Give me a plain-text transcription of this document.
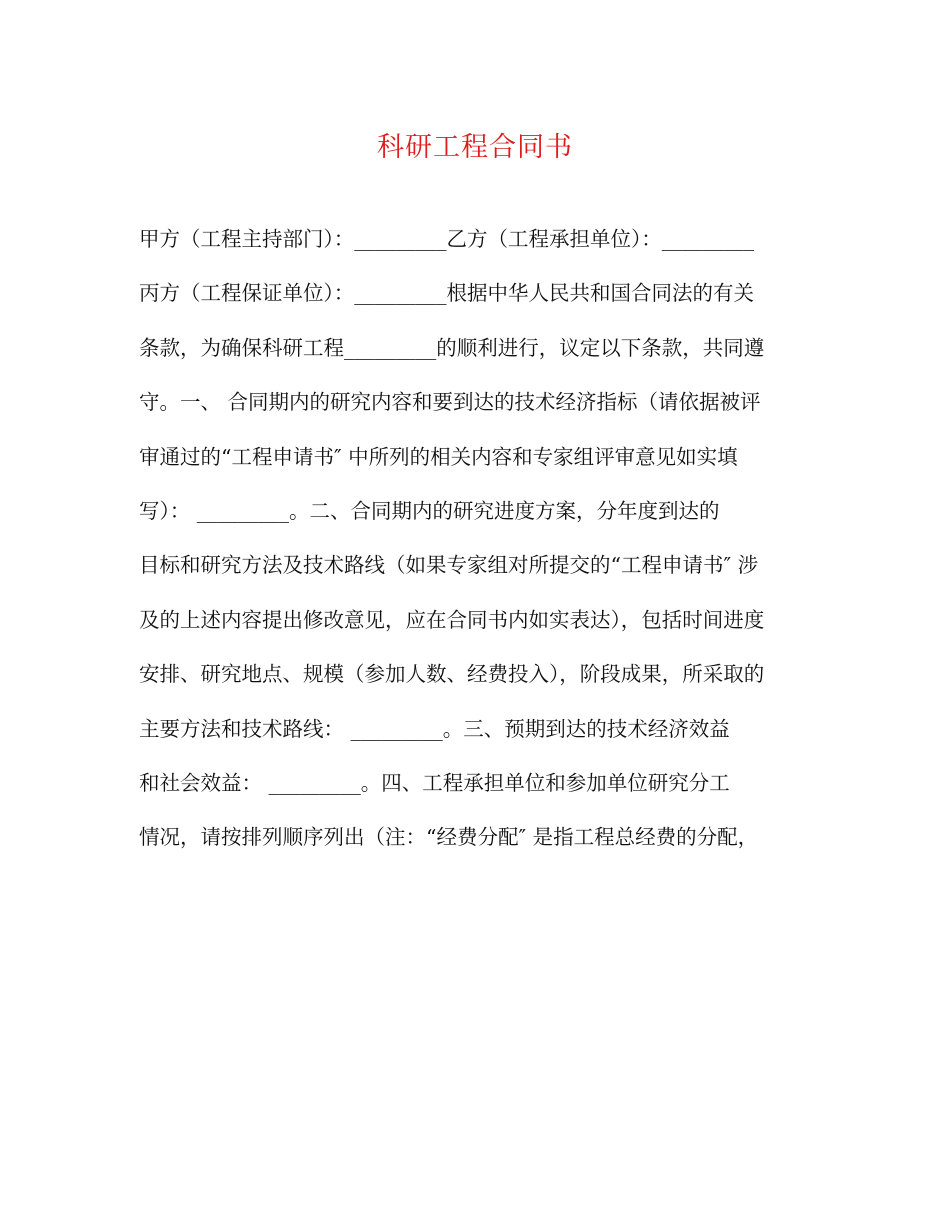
科研工程合同书
甲方（工程主持部门）：_________乙方（工程承担单位）：_________
丙方（工程保证单位）：_________根据中华人民共和国合同法的有关
条款，为确保科研工程_________的顺利进行，议定以下条款，共同遵
守。一、 合同期内的研究内容和要到达的技术经济指标（请依据被评
审通过的“工程申请书″ 中所列的相关内容和专家组评审意见如实填
写）： _________。二、合同期内的研究进度方案，分年度到达的
目标和研究方法及技术路线（如果专家组对所提交的“工程申请书″ 涉
及的上述内容提出修改意见，应在合同书内如实表达），包括时间进度
安排、研究地点、规模（参加人数、经费投入），阶段成果，所采取的
主要方法和技术路线： _________。三、预期到达的技术经济效益
和社会效益： _________。四、工程承担单位和参加单位研究分工
情况，请按排列顺序列出（注：“经费分配″ 是指工程总经费的分配，
